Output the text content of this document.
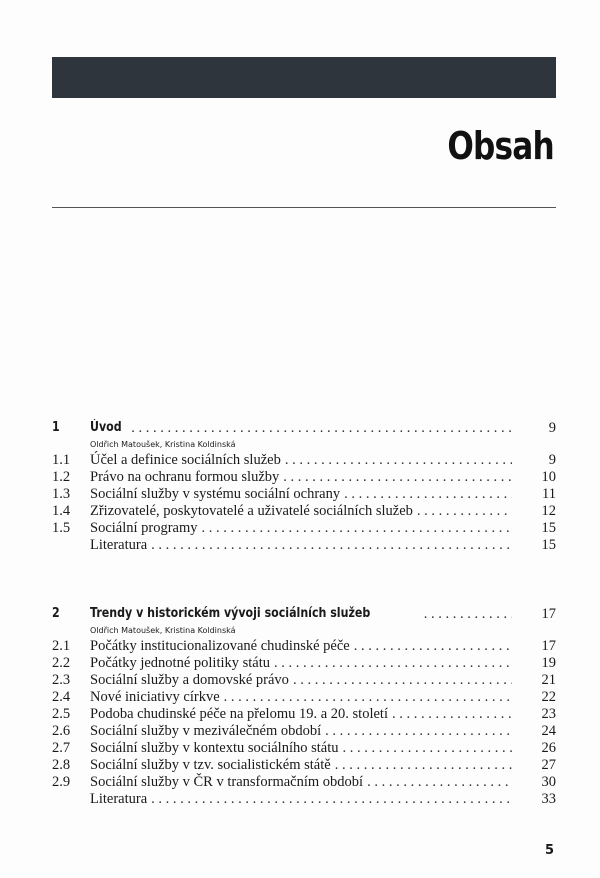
Obsah
1	Úvod . . .	9
Oldřich Matoušek, Kristina Koldinská
1.1	Účel a definice sociálních služeb . . .	9
1.2	Právo na ochranu formou služby . . .	10
1.3	Sociální služby v systému sociální ochrany . . .	11
1.4	Zřizovatelé, poskytovatelé a uživatelé sociálních služeb . . .	12
1.5	Sociální programy . . .	15
Literatura . . .	15
2	Trendy v historickém vývoji sociálních služeb . . .	17
Oldřich Matoušek, Kristina Koldinská
2.1	Počátky institucionalizované chudinské péče . . .	17
2.2	Počátky jednotné politiky státu . . .	19
2.3	Sociální služby a domovské právo . . .	21
2.4	Nové iniciativy církve . . .	22
2.5	Podoba chudinské péče na přelomu 19. a 20. století . . .	23
2.6	Sociální služby v meziválečném období . . .	24
2.7	Sociální služby v kontextu sociálního státu . . .	26
2.8	Sociální služby v tzv. socialistickém státě . . .	27
2.9	Sociální služby v ČR v transformačním období . . .	30
Literatura . . .	33
5
